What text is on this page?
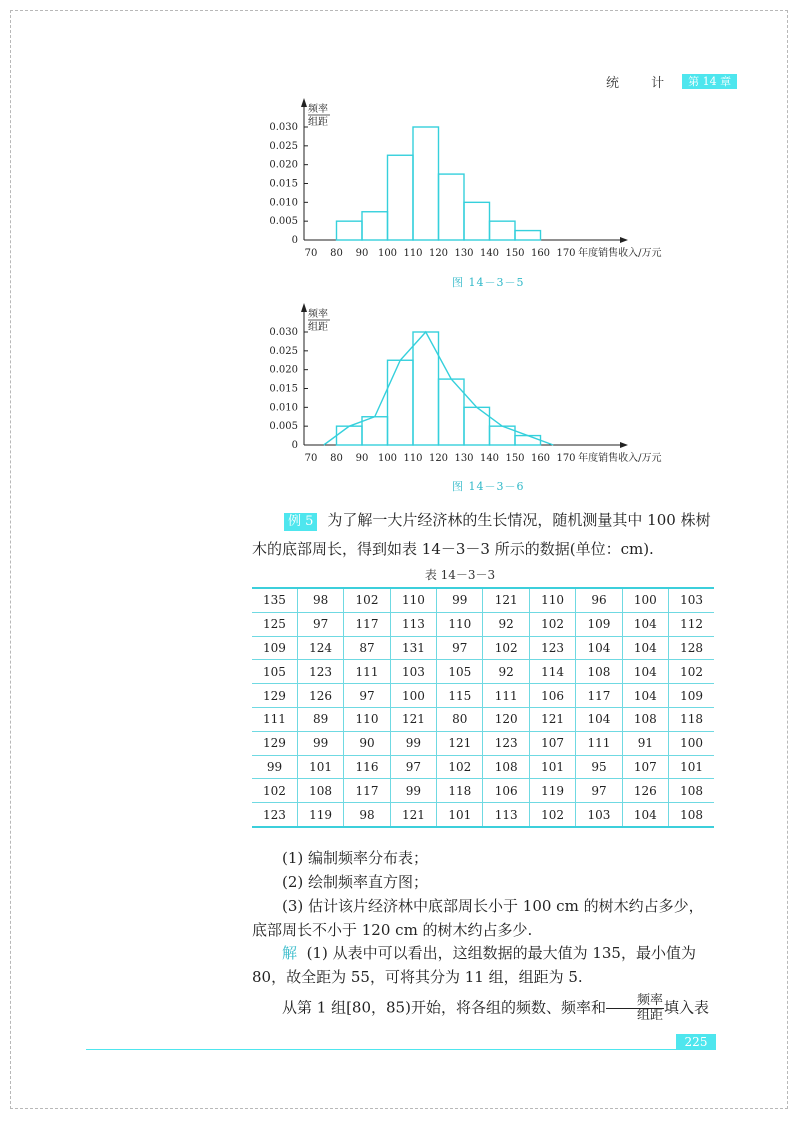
统 计 第 14 章
频率
组距
0
0.005
0.010
0.015
0.020
0.025
0.030
70 80 90 100 110 120 130 140 150 160 170 年度销售收入/万元
图 14－3－5
频率
组距
0
0.005
0.010
0.015
0.020
0.025
0.030
70 80 90 100 110 120 130 140 150 160 170 年度销售收入/万元
图 14－3－6
例 5 为了解一大片经济林的生长情况，随机测量其中 100 株树木的底部周长，得到如表 14－3－3 所示的数据(单位：cm).
表 14－3－3
135	98	102	110	99	121	110	96	100	103
125	97	117	113	110	92	102	109	104	112
109	124	87	131	97	102	123	104	104	128
105	123	111	103	105	92	114	108	104	102
129	126	97	100	115	111	106	117	104	109
111	89	110	121	80	120	121	104	108	118
129	99	90	99	121	123	107	111	91	100
99	101	116	97	102	108	101	95	107	101
102	108	117	99	118	106	119	97	126	108
123	119	98	121	101	113	102	103	104	108
(1) 编制频率分布表；
(2) 绘制频率直方图；
(3) 估计该片经济林中底部周长小于 100 cm 的树木约占多少，底部周长不小于 120 cm 的树木约占多少.
解 (1) 从表中可以看出，这组数据的最大值为 135，最小值为 80，故全距为 55，可将其分为 11 组，组距为 5.
从第 1 组[80，85)开始，将各组的频数、频率和 $\frac{\text{频率}}{\text{组距}}$ 填入表
225
